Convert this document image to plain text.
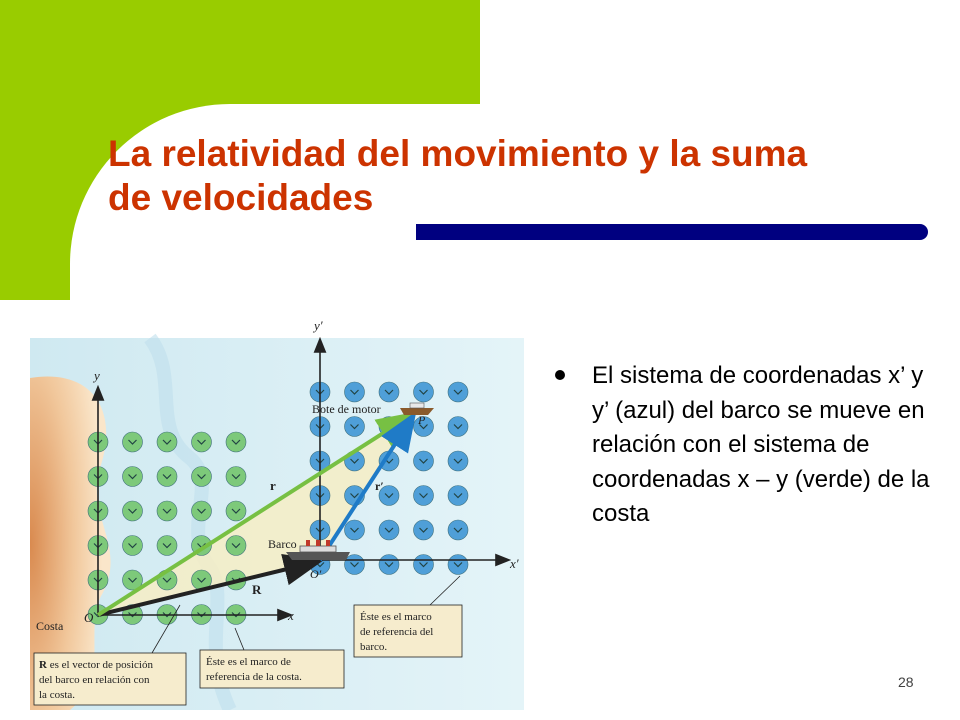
La relatividad del movimiento y la suma de velocidades
y
x
y′
x′
O
O′
P
R
r	r′
Costa
Barco
Bote de motor
R es el vector de posición
del barco en relación con
la costa.
Éste es el marco de
referencia de la costa.
Éste es el marco
de referencia del
barco.
El sistema de coordenadas x’ y y’ (azul) del barco se mueve en relación con el sistema de coordenadas x – y (verde) de la costa
28
